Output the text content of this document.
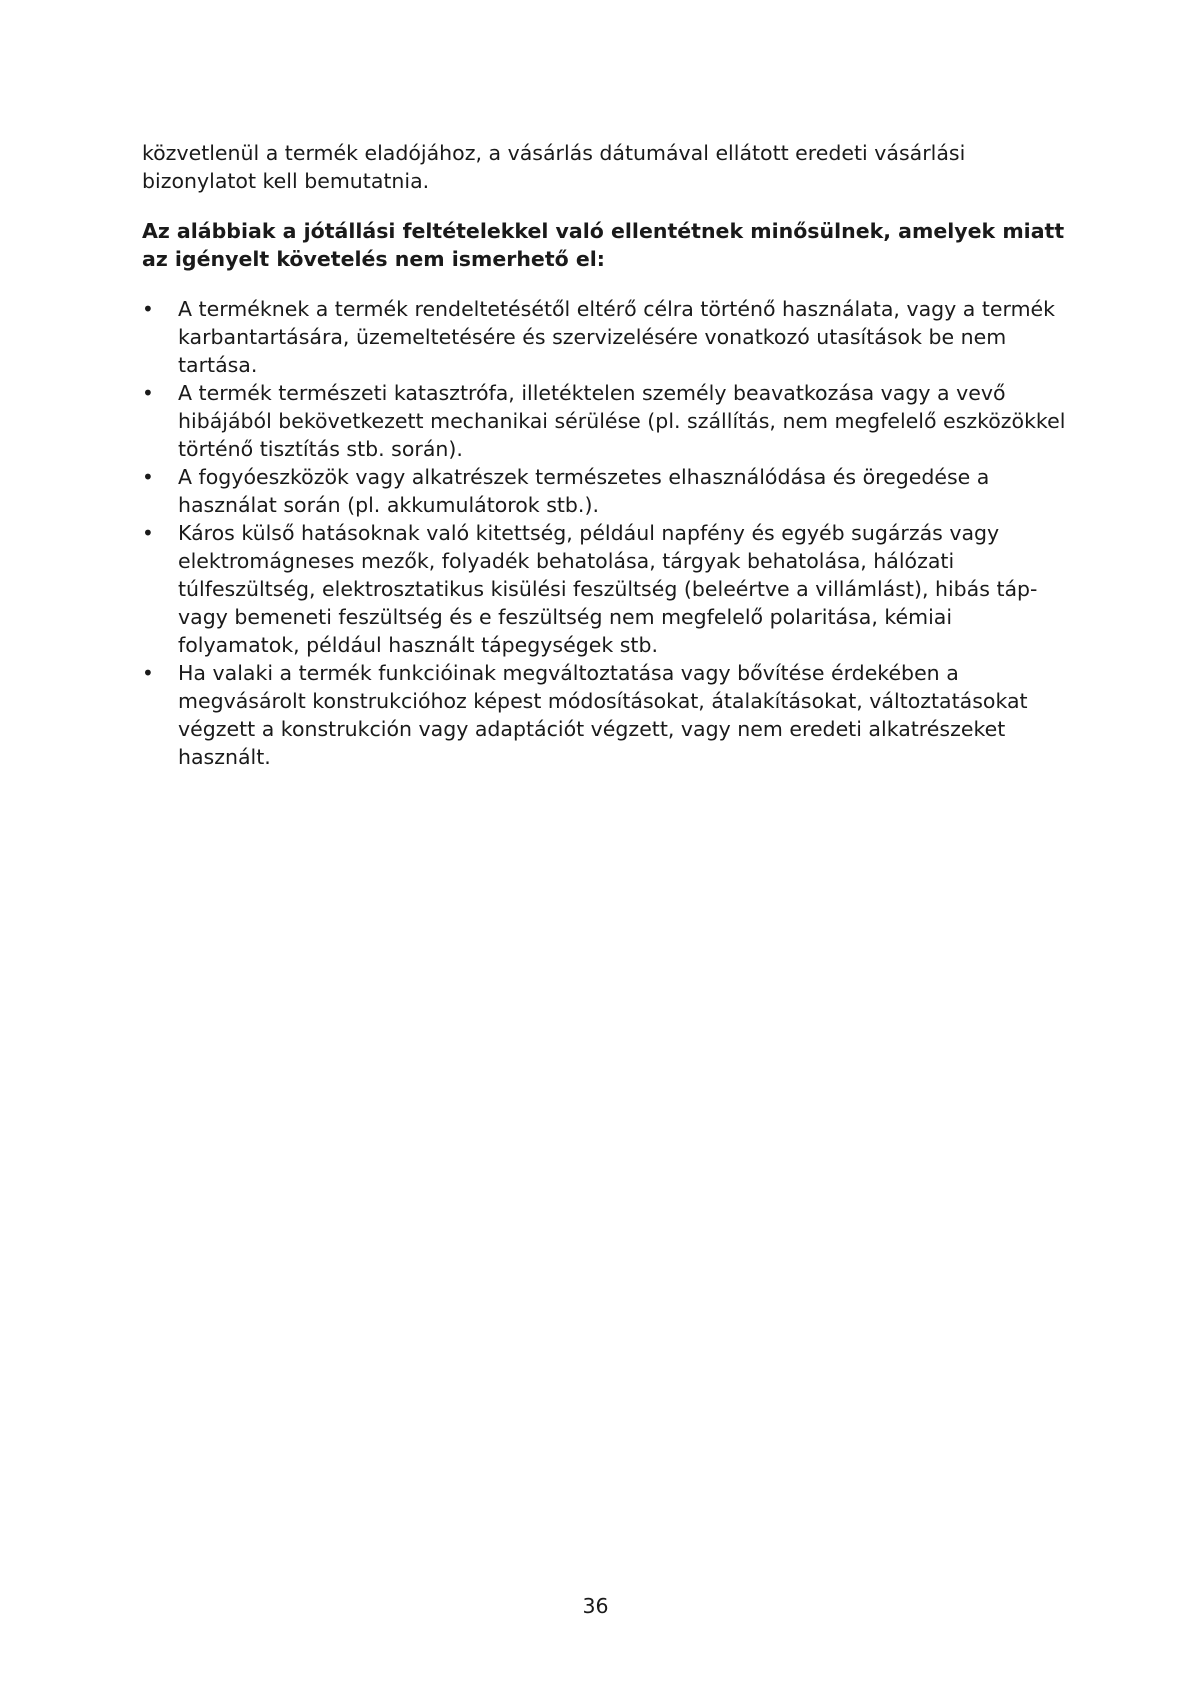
közvetlenül a termék eladójához, a vásárlás dátumával ellátott eredeti vásárlási
bizonylatot kell bemutatnia.

Az alábbiak a jótállási feltételekkel való ellentétnek minősülnek, amelyek miatt
az igényelt követelés nem ismerhető el:

•	A terméknek a termék rendeltetésétől eltérő célra történő használata, vagy a termék
karbantartására, üzemeltetésére és szervizelésére vonatkozó utasítások be nem
tartása.
•	A termék természeti katasztrófa, illetéktelen személy beavatkozása vagy a vevő
hibájából bekövetkezett mechanikai sérülése (pl. szállítás, nem megfelelő eszközökkel
történő tisztítás stb. során).
•	A fogyóeszközök vagy alkatrészek természetes elhasználódása és öregedése a
használat során (pl. akkumulátorok stb.).
•	Káros külső hatásoknak való kitettség, például napfény és egyéb sugárzás vagy
elektromágneses mezők, folyadék behatolása, tárgyak behatolása, hálózati
túlfeszültség, elektrosztatikus kisülési feszültség (beleértve a villámlást), hibás táp-
vagy bemeneti feszültség és e feszültség nem megfelelő polaritása, kémiai
folyamatok, például használt tápegységek stb.
•	Ha valaki a termék funkcióinak megváltoztatása vagy bővítése érdekében a
megvásárolt konstrukcióhoz képest módosításokat, átalakításokat, változtatásokat
végzett a konstrukción vagy adaptációt végzett, vagy nem eredeti alkatrészeket
használt.
36
